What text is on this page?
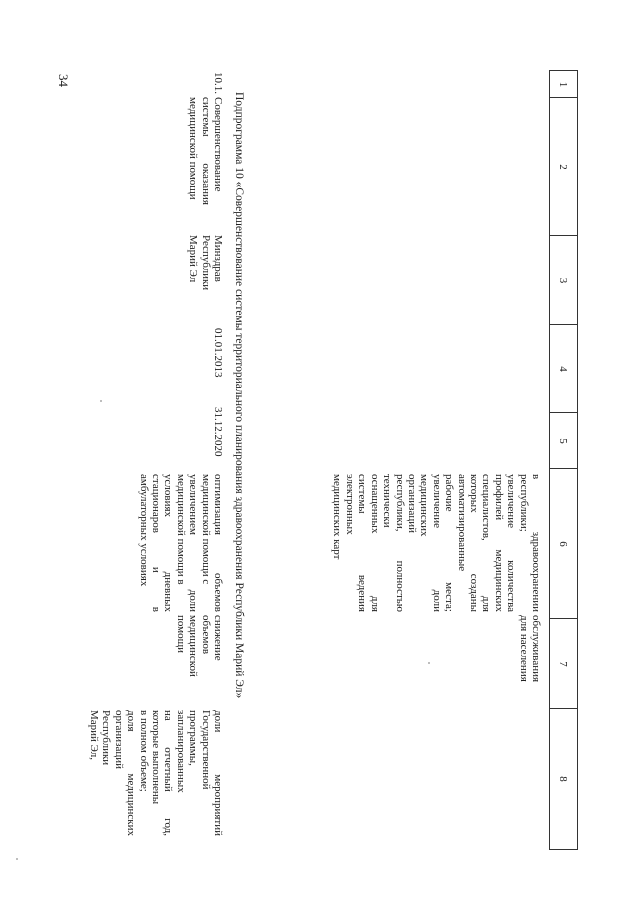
34	1
2
3
4
5
6
7
8
в
здравоохранении
республики;
увеличение
количества
профилей
медицинских
специалистов,
для
которых
созданы
автоматизированные
рабочие
места;
увеличение
доли
медицинских
организаций
республики,
полностью
технически
оснащенных
для
системы
ведения
электронных
медицинских карт
обслуживания
для населения
Подпрограмма 10 «Совершенствование системы территориального планирования здравоохранения Республики Марий Эл»
10.1.
Совершенствование
системы
оказания
медицинской помощи
Минздрав
Республики
Марий Эл
01.01.2013
31.12.2020
оптимизация
объемов
медицинской помощи с
увеличением
доли
медицинской помощи в
условиях
дневных
стационаров
и
в
амбулаторных условиях
снижение
объемов
медицинской
помощи
доли
мероприятий
Государственной
программы,
запланированных
на
отчетный
год,
которые выполнены
в полном объеме;
доля
медицинских
организаций
Республики
Марий Эл,
